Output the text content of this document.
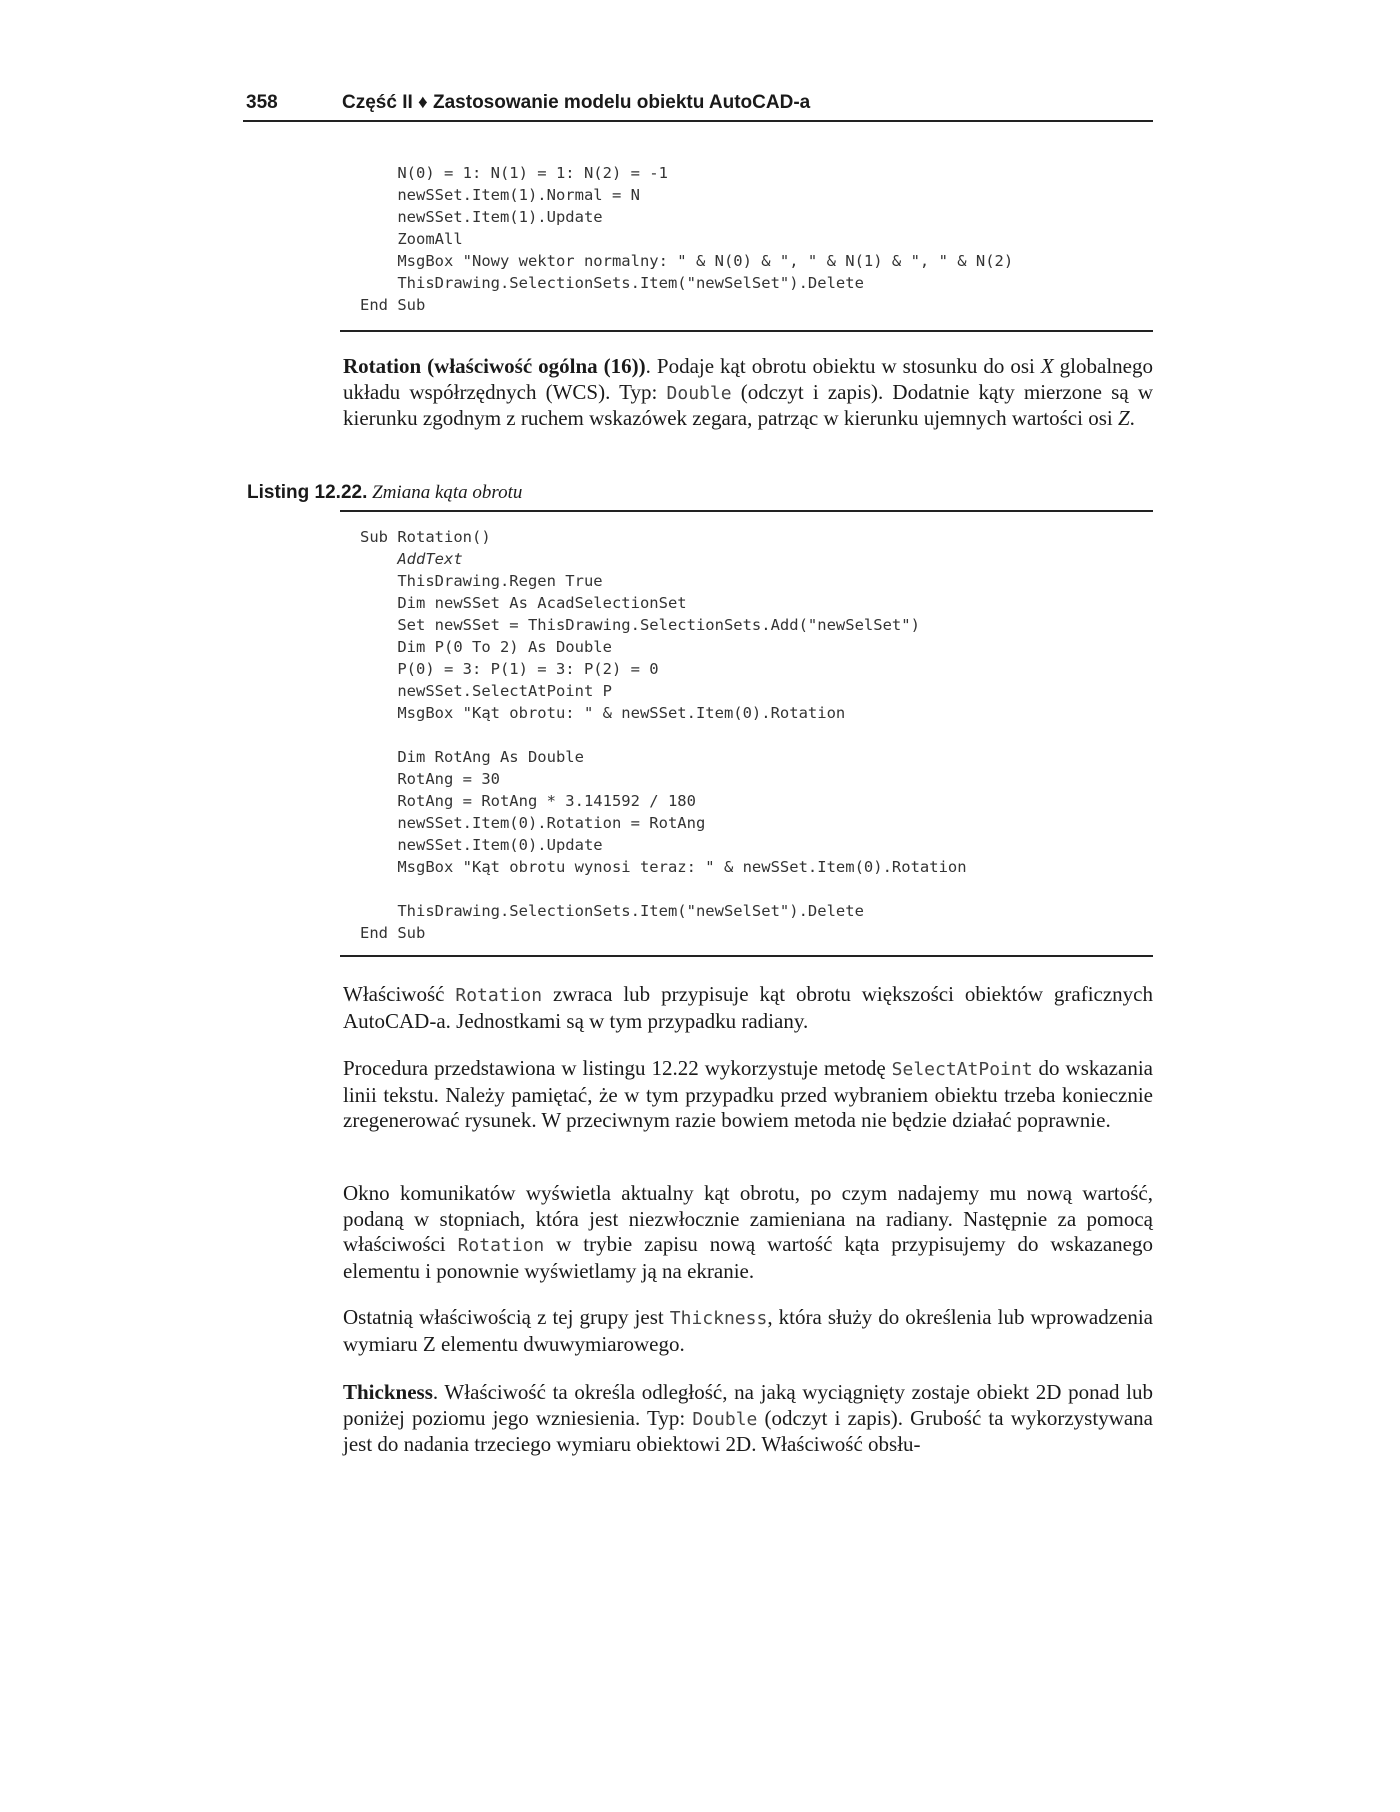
358	Część II ♦ Zastosowanie modelu obiektu AutoCAD-a
N(0) = 1: N(1) = 1: N(2) = -1
newSSet.Item(1).Normal = N
newSSet.Item(1).Update
ZoomAll
MsgBox "Nowy wektor normalny: " & N(0) & ", " & N(1) & ", " & N(2)
ThisDrawing.SelectionSets.Item("newSelSet").Delete
End Sub

Rotation (właściwość ogólna (16)). Podaje kąt obrotu obiektu w stosunku do osi X globalnego układu współrzędnych (WCS). Typ: Double (odczyt i zapis). Dodatnie kąty mierzone są w kierunku zgodnym z ruchem wskazówek zegara, patrząc w kierunku ujemnych wartości osi Z.

Listing 12.22. Zmiana kąta obrotu
Sub Rotation()
AddText
ThisDrawing.Regen True
Dim newSSet As AcadSelectionSet
Set newSSet = ThisDrawing.SelectionSets.Add("newSelSet")
Dim P(0 To 2) As Double
P(0) = 3: P(1) = 3: P(2) = 0
newSSet.SelectAtPoint P
MsgBox "Kąt obrotu: " & newSSet.Item(0).Rotation

Dim RotAng As Double
RotAng = 30
RotAng = RotAng * 3.141592 / 180
newSSet.Item(0).Rotation = RotAng
newSSet.Item(0).Update
MsgBox "Kąt obrotu wynosi teraz: " & newSSet.Item(0).Rotation

ThisDrawing.SelectionSets.Item("newSelSet").Delete
End Sub

Właściwość Rotation zwraca lub przypisuje kąt obrotu większości obiektów graficznych AutoCAD-a. Jednostkami są w tym przypadku radiany.

Procedura przedstawiona w listingu 12.22 wykorzystuje metodę SelectAtPoint do wskazania linii tekstu. Należy pamiętać, że w tym przypadku przed wybraniem obiektu trzeba koniecznie zregenerować rysunek. W przeciwnym razie bowiem metoda nie będzie działać poprawnie.

Okno komunikatów wyświetla aktualny kąt obrotu, po czym nadajemy mu nową wartość, podaną w stopniach, która jest niezwłocznie zamieniana na radiany. Następnie za pomocą właściwości Rotation w trybie zapisu nową wartość kąta przypisujemy do wskazanego elementu i ponownie wyświetlamy ją na ekranie.

Ostatnią właściwością z tej grupy jest Thickness, która służy do określenia lub wprowadzenia wymiaru Z elementu dwuwymiarowego.

Thickness. Właściwość ta określa odległość, na jaką wyciągnięty zostaje obiekt 2D ponad lub poniżej poziomu jego wzniesienia. Typ: Double (odczyt i zapis). Grubość ta wykorzystywana jest do nadania trzeciego wymiaru obiektowi 2D. Właściwość obsłu-
